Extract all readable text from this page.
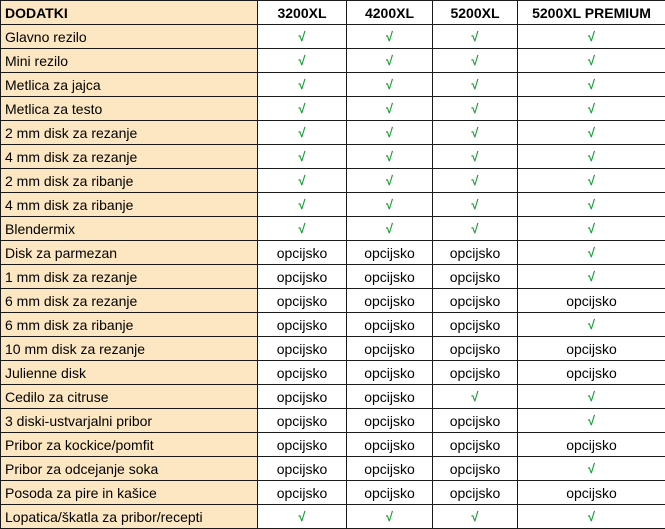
DODATKI	3200XL	4200XL	5200XL	5200XL PREMIUM
Glavno rezilo	√	√	√	√
Mini rezilo	√	√	√	√
Metlica za jajca	√	√	√	√
Metlica za testo	√	√	√	√
2 mm disk za rezanje	√	√	√	√
4 mm disk za rezanje	√	√	√	√
2 mm disk za ribanje	√	√	√	√
4 mm disk za ribanje	√	√	√	√
Blendermix	√	√	√	√
Disk za parmezan	opcijsko	opcijsko	opcijsko	√
1 mm disk za rezanje	opcijsko	opcijsko	opcijsko	√
6 mm disk za rezanje	opcijsko	opcijsko	opcijsko	opcijsko
6 mm disk za ribanje	opcijsko	opcijsko	opcijsko	√
10 mm disk za rezanje	opcijsko	opcijsko	opcijsko	opcijsko
Julienne disk	opcijsko	opcijsko	opcijsko	opcijsko
Cedilo za citruse	opcijsko	opcijsko	√	√
3 diski-ustvarjalni pribor	opcijsko	opcijsko	opcijsko	√
Pribor za kockice/pomfit	opcijsko	opcijsko	opcijsko	opcijsko
Pribor za odcejanje soka	opcijsko	opcijsko	opcijsko	√
Posoda za pire in kašice	opcijsko	opcijsko	opcijsko	opcijsko
Lopatica/škatla za pribor/recepti	√	√	√	√
